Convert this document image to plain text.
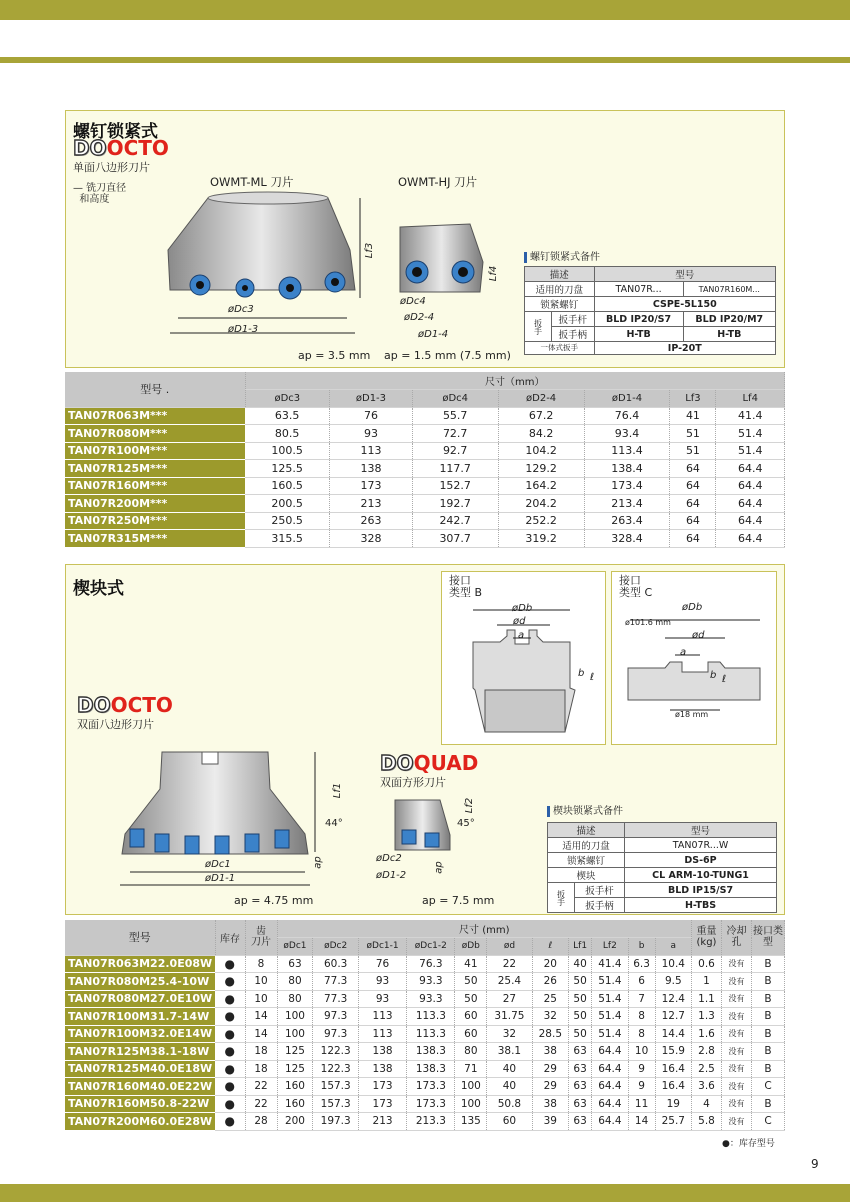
螺钉锁紧式
DOOCTO
单面八边形刀片
— 铣刀直径
和高度
OWMT-ML 刀片	OWMT-HJ 刀片
øDc3
øD1-3
Lf3
øDc4
øD2-4
øD1-4
Lf4
ap = 3.5 mm ap = 1.5 mm (7.5 mm)
螺钉锁紧式备件
描述		型号	
适用的刀盘		TAN07R...	TAN07R160M...
锁紧螺钉		CSPE-5L150	
扳手	扳手杆	BLD IP20/S7	BLD IP20/M7
	扳手柄	H-TB	H-TB
一体式扳手		IP-20T	
型号 .	尺寸（mm）						
	øDc3	øD1-3	øDc4	øD2-4	øD1-4	Lf3	Lf4
TAN07R063M***	63.5	76	55.7	67.2	76.4	41	41.4
TAN07R080M***	80.5	93	72.7	84.2	93.4	51	51.4
TAN07R100M***	100.5	113	92.7	104.2	113.4	51	51.4
TAN07R125M***	125.5	138	117.7	129.2	138.4	64	64.4
TAN07R160M***	160.5	173	152.7	164.2	173.4	64	64.4
TAN07R200M***	200.5	213	192.7	204.2	213.4	64	64.4
TAN07R250M***	250.5	263	242.7	252.2	263.4	64	64.4
TAN07R315M***	315.5	328	307.7	319.2	328.4	64	64.4
楔块式	接口
类型 B
øDb
ød
a
b ℓ
接口
类型 C
øDb
ø101.6 mm
ød
a
b ℓ
ø18 mm
DOOCTO
双面八边形刀片
DOQUAD
双面方形刀片
øDc1
øD1-1
Lf1
44°
ap	øDc2
øD1-2
Lf2
45°
ap
ap = 4.75 mm	ap = 7.5 mm
楔块锁紧式备件
描述		型号
适用的刀盘		TAN07R...W
锁紧螺钉		DS-6P
楔块		CL ARM-10-TUNG1
扳手	扳手杆	BLD IP15/S7
	扳手柄	H-TBS
型号	库存	齿
刀片	尺寸 (mm)											重量
(kg)	冷却
孔	接口类
型
			øDc1	øDc2	øDc1-1	øDc1-2	øDb	ød	ℓ	Lf1	Lf2	b	a			
TAN07R063M22.0E08W	●	8	63	60.3	76	76.3	41	22	20	40	41.4	6.3	10.4	0.6	没有	B
TAN07R080M25.4-10W	●	10	80	77.3	93	93.3	50	25.4	26	50	51.4	6	9.5	1	没有	B
TAN07R080M27.0E10W	●	10	80	77.3	93	93.3	50	27	25	50	51.4	7	12.4	1.1	没有	B
TAN07R100M31.7-14W	●	14	100	97.3	113	113.3	60	31.75	32	50	51.4	8	12.7	1.3	没有	B
TAN07R100M32.0E14W	●	14	100	97.3	113	113.3	60	32	28.5	50	51.4	8	14.4	1.6	没有	B
TAN07R125M38.1-18W	●	18	125	122.3	138	138.3	80	38.1	38	63	64.4	10	15.9	2.8	没有	B
TAN07R125M40.0E18W	●	18	125	122.3	138	138.3	71	40	29	63	64.4	9	16.4	2.5	没有	B
TAN07R160M40.0E22W	●	22	160	157.3	173	173.3	100	40	29	63	64.4	9	16.4	3.6	没有	C
TAN07R160M50.8-22W	●	22	160	157.3	173	173.3	100	50.8	38	63	64.4	11	19	4	没有	B
TAN07R200M60.0E28W	●	28	200	197.3	213	213.3	135	60	39	63	64.4	14	25.7	5.8	没有	C
●：库存型号
9
